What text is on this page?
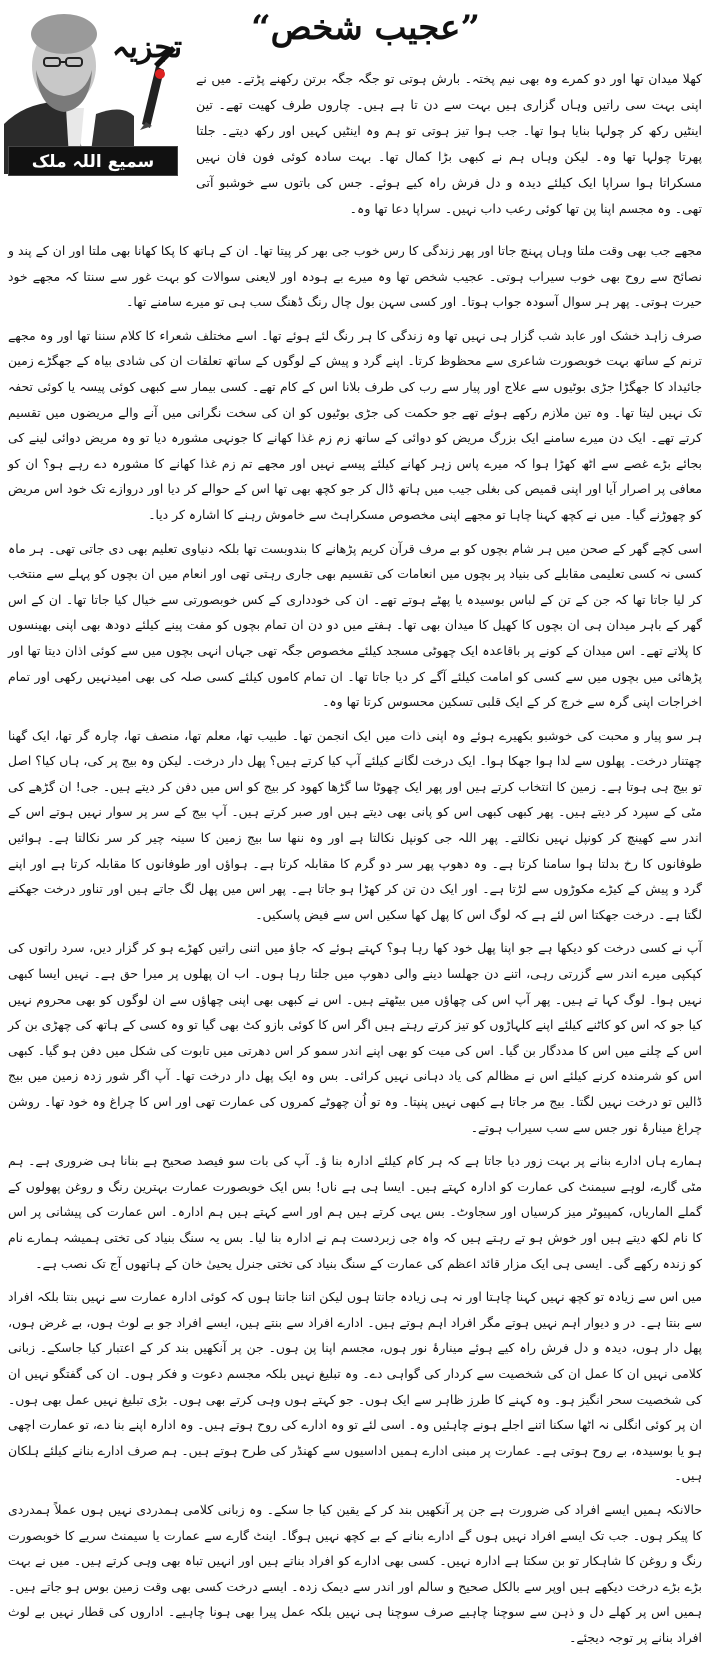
تجزیہ ”عجیب شخص“
سمیع اللہ ملک
کھلا میدان تھا اور دو کمرے وہ بھی نیم پختہ۔ بارش ہوتی تو جگہ جگہ برتن رکھنے پڑتے۔ میں نے اپنی بہت سی راتیں وہاں گزاری ہیں بہت سے دن تا ہے ہیں۔ چاروں طرف کھیت تھے۔ تین اینٹیں رکھ کر چولہا بنایا ہوا تھا۔ جب ہوا تیز ہوتی تو ہم وہ اینٹیں کہیں اور رکھ دیتے۔ جلتا پھرتا چولہا تھا وہ۔ لیکن وہاں ہم نے کبھی بڑا کمال تھا۔ بہت سادہ کوئی فون فان نہیں مسکراتا ہوا سراپا ایک کیلئے دیدہ و دل فرش راہ کیے ہوئے۔ جس کی باتوں سے خوشبو آتی تھی۔ وہ مجسم اپنا پن تھا کوئی رعب داب نہیں۔ سراپا دعا تھا وہ۔

مجھے جب بھی وقت ملتا وہاں پہنچ جاتا اور پھر زندگی کا رس خوب جی بھر کر پیتا تھا۔ ان کے ہاتھ کا پکا کھانا بھی ملتا اور ان کے پند و نصائح سے روح بھی خوب سیراب ہوتی۔ عجیب شخص تھا وہ میرے بے ہودہ اور لایعنی سوالات کو بہت غور سے سنتا کہ مجھے خود حیرت ہوتی۔ پھر ہر سوال آسودہ جواب ہوتا۔ اور کسی سہن بول چال رنگ ڈھنگ سب ہی تو میرے سامنے تھا۔

صرف زاہد خشک اور عابد شب گزار ہی نہیں تھا وہ زندگی کا ہر رنگ لئے ہوئے تھا۔ اسے مختلف شعراء کا کلام سننا تھا اور وہ مجھے ترنم کے ساتھ بہت خوبصورت شاعری سے محظوظ کرتا۔ اپنے گرد و پیش کے لوگوں کے ساتھ تعلقات ان کی شادی بیاہ کے جھگڑے زمین جائیداد کا جھگڑا جڑی بوٹیوں سے علاج اور پیار سے رب کی طرف بلانا اس کے کام تھے۔ کسی بیمار سے کبھی کوئی پیسہ یا کوئی تحفہ تک نہیں لیتا تھا۔ وہ تین ملازم رکھے ہوئے تھے جو حکمت کی جڑی بوٹیوں کو ان کی سخت نگرانی میں آنے والے مریضوں میں تقسیم کرتے تھے۔ ایک دن میرے سامنے ایک بزرگ مریض کو دوائی کے ساتھ زم زم غذا کھانے کا جونہی مشورہ دیا تو وہ مریض دوائی لینے کی بجائے بڑے غصے سے اٹھ کھڑا ہوا کہ میرے پاس زہر کھانے کیلئے پیسے نہیں اور مجھے تم زم غذا کھانے کا مشورہ دے رہے ہو؟ ان کو معافی پر اصرار آیا اور اپنی قمیص کی بغلی جیب میں ہاتھ ڈال کر جو کچھ بھی تھا اس کے حوالے کر دیا اور دروازے تک خود اس مریض کو چھوڑنے گیا۔ میں نے کچھ کہنا چاہا تو مجھے اپنی مخصوص مسکراہٹ سے خاموش رہنے کا اشارہ کر دیا۔

اسی کچے گھر کے صحن میں ہر شام بچوں کو بے مرف قرآن کریم پڑھانے کا بندوبست تھا بلکہ دنیاوی تعلیم بھی دی جاتی تھی۔ ہر ماہ کسی نہ کسی تعلیمی مقابلے کی بنیاد پر بچوں میں انعامات کی تقسیم بھی جاری رہتی تھی اور انعام میں ان بچوں کو پہلے سے منتخب کر لیا جاتا تھا کہ جن کے تن کے لباس بوسیدہ یا پھٹے ہوتے تھے۔ ان کی خودداری کے کس خوبصورتی سے خیال کیا جاتا تھا۔ ان کے اس گھر کے باہر میدان ہی ان بچوں کا کھیل کا میدان بھی تھا۔ ہفتے میں دو دن ان تمام بچوں کو مفت پینے کیلئے دودھ بھی اپنی بھینسوں کا پلاتے تھے۔ اس میدان کے کونے پر باقاعدہ ایک چھوٹی مسجد کیلئے مخصوص جگہ تھی جہاں انہی بچوں میں سے کوئی اذان دیتا تھا اور پڑھائی میں بچوں میں سے کسی کو امامت کیلئے آگے کر دیا جاتا تھا۔ ان تمام کاموں کیلئے کسی صلہ کی بھی امیدنہیں رکھی اور تمام اخراجات اپنی گرہ سے خرچ کر کے ایک قلبی تسکین محسوس کرتا تھا وہ۔

ہر سو پیار و محبت کی خوشبو بکھیرے ہوئے وہ اپنی ذات میں ایک انجمن تھا۔ طبیب تھا، معلم تھا، منصف تھا، چارہ گر تھا، ایک گھنا چھتنار درخت۔ پھلوں سے لدا ہوا جھکا ہوا۔ ایک درخت لگانے کیلئے آپ کیا کرتے ہیں؟ پھل دار درخت۔ لیکن وہ بیج پر کی، ہاں کیا؟ اصل تو بیج ہی ہوتا ہے۔ زمین کا انتخاب کرتے ہیں اور پھر ایک چھوٹا سا گڑھا کھود کر بیج کو اس میں دفن کر دیتے ہیں۔ جی! ان گڑھے کی مٹی کے سپرد کر دیتے ہیں۔ پھر کبھی کبھی اس کو پانی بھی دیتے ہیں اور صبر کرتے ہیں۔ آپ بیج کے سر پر سوار نہیں ہوتے اس کے اندر سے کھینچ کر کونپل نہیں نکالتے۔ پھر اللہ جی کونپل نکالتا ہے اور وہ ننھا سا بیج زمین کا سینہ چیر کر سر نکالتا ہے۔ ہوائیں طوفانوں کا رخ بدلتا ہوا سامنا کرتا ہے۔ وہ دھوپ پھر سر دو گرم کا مقابلہ کرتا ہے۔ ہواؤں اور طوفانوں کا مقابلہ کرتا ہے اور اپنے گرد و پیش کے کیڑے مکوڑوں سے لڑتا ہے۔ اور ایک دن تن کر کھڑا ہو جاتا ہے۔ پھر اس میں پھل لگ جاتے ہیں اور تناور درخت جھکنے لگتا ہے۔ درخت جھکتا اس لئے ہے کہ لوگ اس کا پھل کھا سکیں اس سے فیض پاسکیں۔

آپ نے کسی درخت کو دیکھا ہے جو اپنا پھل خود کھا رہا ہو؟ کہتے ہوئے کہ جاؤ میں اتنی راتیں کھڑے ہو کر گزار دیں، سرد راتوں کی کپکپی میرے اندر سے گزرتی رہی، اتنے دن جھلسا دینے والی دھوپ میں جلتا رہا ہوں۔ اب ان پھلوں پر میرا حق ہے۔ نہیں ایسا کبھی نہیں ہوا۔ لوگ کہا تے ہیں۔ پھر آپ اس کی چھاؤں میں بیٹھتے ہیں۔ اس نے کبھی بھی اپنی چھاؤں سے ان لوگوں کو بھی محروم نہیں کیا جو کہ اس کو کاٹنے کیلئے اپنے کلہاڑوں کو تیز کرتے رہتے ہیں اگر اس کا کوئی بازو کٹ بھی گیا تو وہ کسی کے ہاتھ کی چھڑی بن کر اس کے چلنے میں اس کا مددگار بن گیا۔ اس کی میت کو بھی اپنے اندر سمو کر اس دھرتی میں تابوت کی شکل میں دفن ہو گیا۔ کبھی اس کو شرمندہ کرنے کیلئے اس نے مظالم کی یاد دہانی نہیں کرائی۔ بس وہ ایک پھل دار درخت تھا۔ آپ اگر شور زدہ زمین میں بیج ڈالیں تو درخت نہیں لگتا۔ بیج مر جاتا ہے کبھی نہیں پنپتا۔ وہ تو اُن چھوٹے کمروں کی عمارت تھی اور اس کا چراغ وہ خود تھا۔ روشن چراغ مینارۂ نور جس سے سب سیراب ہوتے۔

ہمارے ہاں ادارے بنانے پر بہت زور دیا جاتا ہے کہ ہر کام کیلئے ادارہ بنا ؤ۔ آپ کی بات سو فیصد صحیح ہے بنانا ہی ضروری ہے۔ ہم مٹی گارے، لوہے سیمنٹ کی عمارت کو ادارہ کہتے ہیں۔ ایسا ہی ہے ناں! بس ایک خوبصورت عمارت بہترین رنگ و روغن پھولوں کے گملے الماریاں، کمپیوٹر میز کرسیاں اور سجاوٹ۔ بس یہی کرتے ہیں ہم اور اسے کہتے ہیں ہم ادارہ۔ اس عمارت کی پیشانی پر اس کا نام لکھ دیتے ہیں اور خوش ہو تے رہتے ہیں کہ واہ جی زبردست ہم نے ادارہ بنا لیا۔ بس یہ سنگ بنیاد کی تختی ہمیشہ ہمارے نام کو زندہ رکھے گی۔ ایسی ہی ایک مزار قائد اعظم کی عمارت کے سنگ بنیاد کی تختی جنرل یحییٰ خان کے ہاتھوں آج تک نصب ہے۔

میں اس سے زیادہ تو کچھ نہیں کہنا چاہتا اور نہ ہی زیادہ جانتا ہوں لیکن اتنا جانتا ہوں کہ کوئی ادارہ عمارت سے نہیں بنتا بلکہ افراد سے بنتا ہے۔ در و دیوار اہم نہیں ہوتے مگر افراد اہم ہوتے ہیں۔ ادارے افراد سے بنتے ہیں، ایسے افراد جو بے لوث ہوں، بے غرض ہوں، پھل دار ہوں، دیدہ و دل فرش راہ کیے ہوئے مینارۂ نور ہوں، مجسم اپنا پن ہوں۔ جن پر آنکھیں بند کر کے اعتبار کیا جاسکے۔ زبانی کلامی نہیں ان کا عمل ان کی شخصیت سے کردار کی گواہی دے۔ وہ تبلیغ نہیں بلکہ مجسم دعوت و فکر ہوں۔ ان کی گفتگو نہیں ان کی شخصیت سحر انگیز ہو۔ وہ کہنے کا طرز ظاہر سے ایک ہوں۔ جو کہتے ہوں وہی کرتے بھی ہوں۔ بڑی تبلیغ نہیں عمل بھی ہوں۔ ان پر کوئی انگلی نہ اٹھا سکنا اتنے اجلے ہونے چاہئیں وہ۔ اسی لئے تو وہ ادارے کی روح ہوتے ہیں۔ وہ ادارہ اپنے بنا دے، تو عمارت اچھی ہو یا بوسیدہ، بے روح ہوتی ہے۔ عمارت پر مبنی ادارے ہمیں اداسیوں سے کھنڈر کی طرح ہوتے ہیں۔ ہم صرف ادارے بنانے کیلئے ہلکان ہیں۔

حالانکہ ہمیں ایسے افراد کی ضرورت ہے جن پر آنکھیں بند کر کے یقین کیا جا سکے۔ وہ زبانی کلامی ہمدردی نہیں ہوں عملاً ہمدردی کا پیکر ہوں۔ جب تک ایسے افراد نہیں ہوں گے ادارے بنانے کے بے کچھ نہیں ہوگا۔ اینٹ گارے سے عمارت یا سیمنٹ سریے کا خوبصورت رنگ و روغن کا شاہکار تو بن سکتا ہے ادارہ نہیں۔ کسی بھی ادارے کو افراد بناتے ہیں اور انہیں تباہ بھی وہی کرتے ہیں۔ میں نے بہت بڑے بڑے درخت دیکھے ہیں اوپر سے بالکل صحیح و سالم اور اندر سے دیمک زدہ۔ ایسے درخت کسی بھی وقت زمین بوس ہو جاتے ہیں۔ ہمیں اس پر کھلے دل و ذہن سے سوچنا چاہیے صرف سوچنا ہی نہیں بلکہ عمل پیرا بھی ہونا چاہیے۔ اداروں کی قطار نہیں بے لوث افراد بنانے پر توجہ دیجئے۔
